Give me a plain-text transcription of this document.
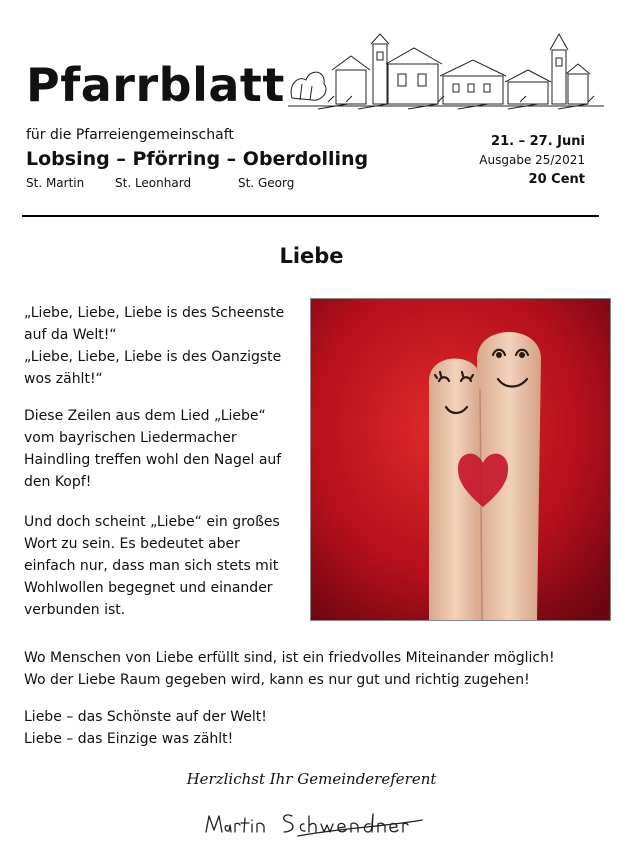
Pfarrblatt
für die Pfarreiengemeinschaft
Lobsing – Pförring – Oberdolling
St. Martin	St. Leonhard	St. Georg
21. – 27. Juni
Ausgabe 25/2021
20 Cent
Liebe
„Liebe, Liebe, Liebe is des Scheenste
auf da Welt!“
„Liebe, Liebe, Liebe is des Oanzigste
wos zählt!“
Diese Zeilen aus dem Lied „Liebe“
vom bayrischen Liedermacher
Haindling treffen wohl den Nagel auf
den Kopf!
Und doch scheint „Liebe“ ein großes
Wort zu sein. Es bedeutet aber
einfach nur, dass man sich stets mit
Wohlwollen begegnet und einander
verbunden ist.
Wo Menschen von Liebe erfüllt sind, ist ein friedvolles Miteinander möglich!
Wo der Liebe Raum gegeben wird, kann es nur gut und richtig zugehen!
Liebe – das Schönste auf der Welt!
Liebe – das Einzige was zählt!
Herzlichst Ihr Gemeindereferent
